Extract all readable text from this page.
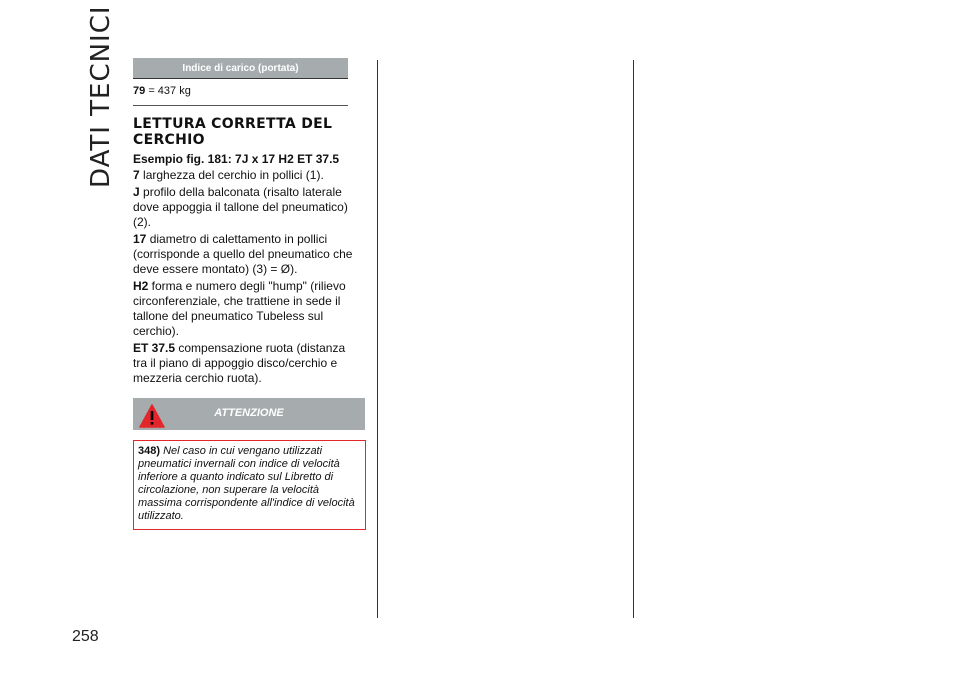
DATI TECNICI
258
Indice di carico (portata)
79 = 437 kg
LETTURA CORRETTA DEL CERCHIO
Esempio fig. 181: 7J x 17 H2 ET 37.5
7 larghezza del cerchio in pollici (1).
J profilo della balconata (risalto laterale dove appoggia il tallone del pneumatico) (2).
17 diametro di calettamento in pollici (corrisponde a quello del pneumatico che deve essere montato) (3) = Ø).
H2 forma e numero degli "hump" (rilievo circonferenziale, che trattiene in sede il tallone del pneumatico Tubeless sul cerchio).
ET 37.5 compensazione ruota (distanza tra il piano di appoggio disco/cerchio e mezzeria cerchio ruota).
ATTENZIONE
348) Nel caso in cui vengano utilizzati pneumatici invernali con indice di velocità inferiore a quanto indicato sul Libretto di circolazione, non superare la velocità massima corrispondente all'indice di velocità utilizzato.
